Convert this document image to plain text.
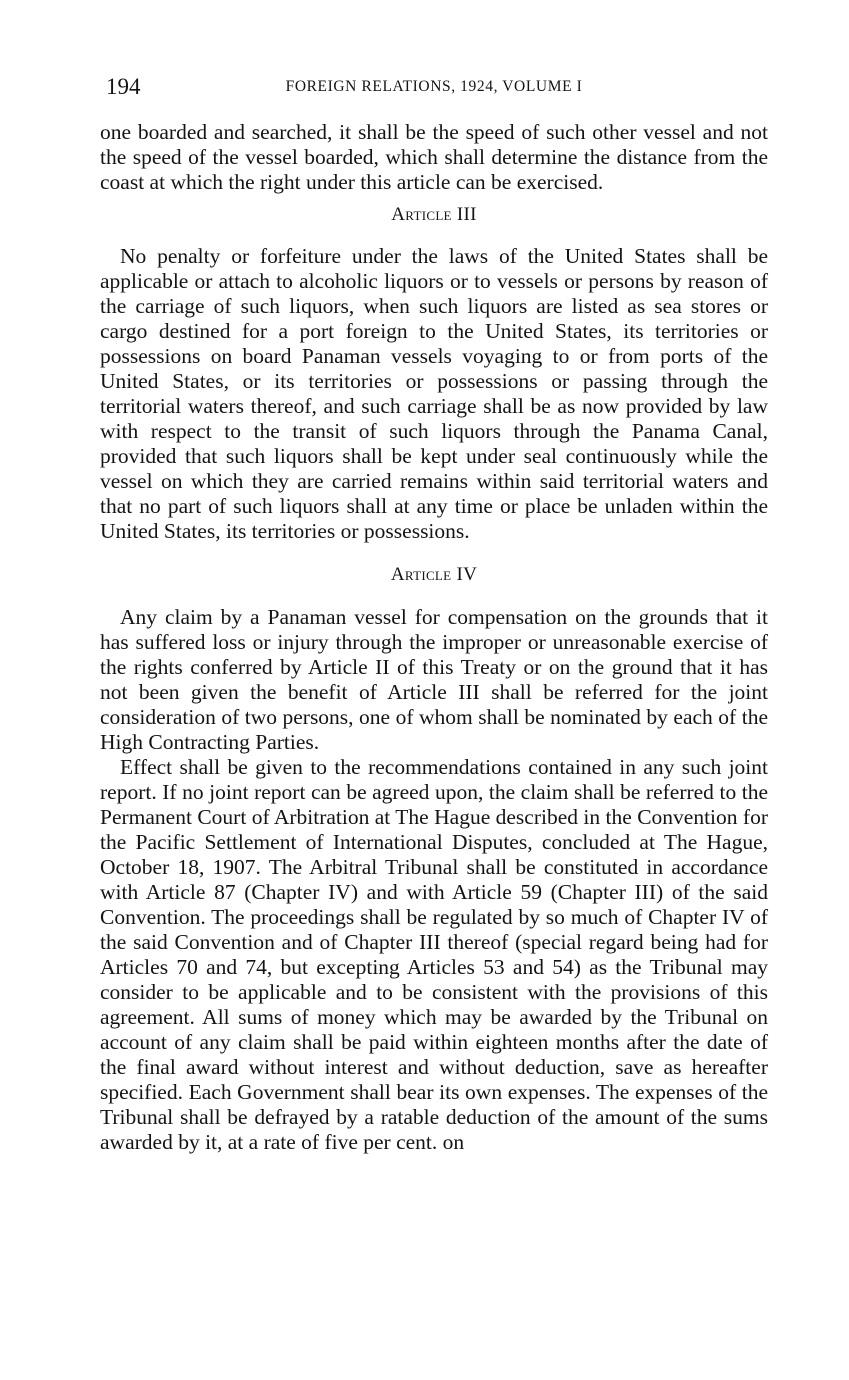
194	FOREIGN RELATIONS, 1924, VOLUME I

one boarded and searched, it shall be the speed of such other vessel and not the speed of the vessel boarded, which shall determine the distance from the coast at which the right under this article can be exercised.

Article III

No penalty or forfeiture under the laws of the United States shall be applicable or attach to alcoholic liquors or to vessels or persons by reason of the carriage of such liquors, when such liquors are listed as sea stores or cargo destined for a port foreign to the United States, its territories or possessions on board Panaman vessels voyaging to or from ports of the United States, or its territories or possessions or passing through the territorial waters thereof, and such carriage shall be as now provided by law with respect to the transit of such liquors through the Panama Canal, provided that such liquors shall be kept under seal continuously while the vessel on which they are carried remains within said territorial waters and that no part of such liquors shall at any time or place be unladen within the United States, its territories or possessions.

Article IV

Any claim by a Panaman vessel for compensation on the grounds that it has suffered loss or injury through the improper or unreasonable exercise of the rights conferred by Article II of this Treaty or on the ground that it has not been given the benefit of Article III shall be referred for the joint consideration of two persons, one of whom shall be nominated by each of the High Contracting Parties.

Effect shall be given to the recommendations contained in any such joint report. If no joint report can be agreed upon, the claim shall be referred to the Permanent Court of Arbitration at The Hague described in the Convention for the Pacific Settlement of International Disputes, concluded at The Hague, October 18, 1907. The Arbitral Tribunal shall be constituted in accordance with Article 87 (Chapter IV) and with Article 59 (Chapter III) of the said Convention. The proceedings shall be regulated by so much of Chapter IV of the said Convention and of Chapter III thereof (special regard being had for Articles 70 and 74, but excepting Articles 53 and 54) as the Tribunal may consider to be applicable and to be consistent with the provisions of this agreement. All sums of money which may be awarded by the Tribunal on account of any claim shall be paid within eighteen months after the date of the final award without interest and without deduction, save as hereafter specified. Each Government shall bear its own expenses. The expenses of the Tribunal shall be defrayed by a ratable deduction of the amount of the sums awarded by it, at a rate of five per cent. on
